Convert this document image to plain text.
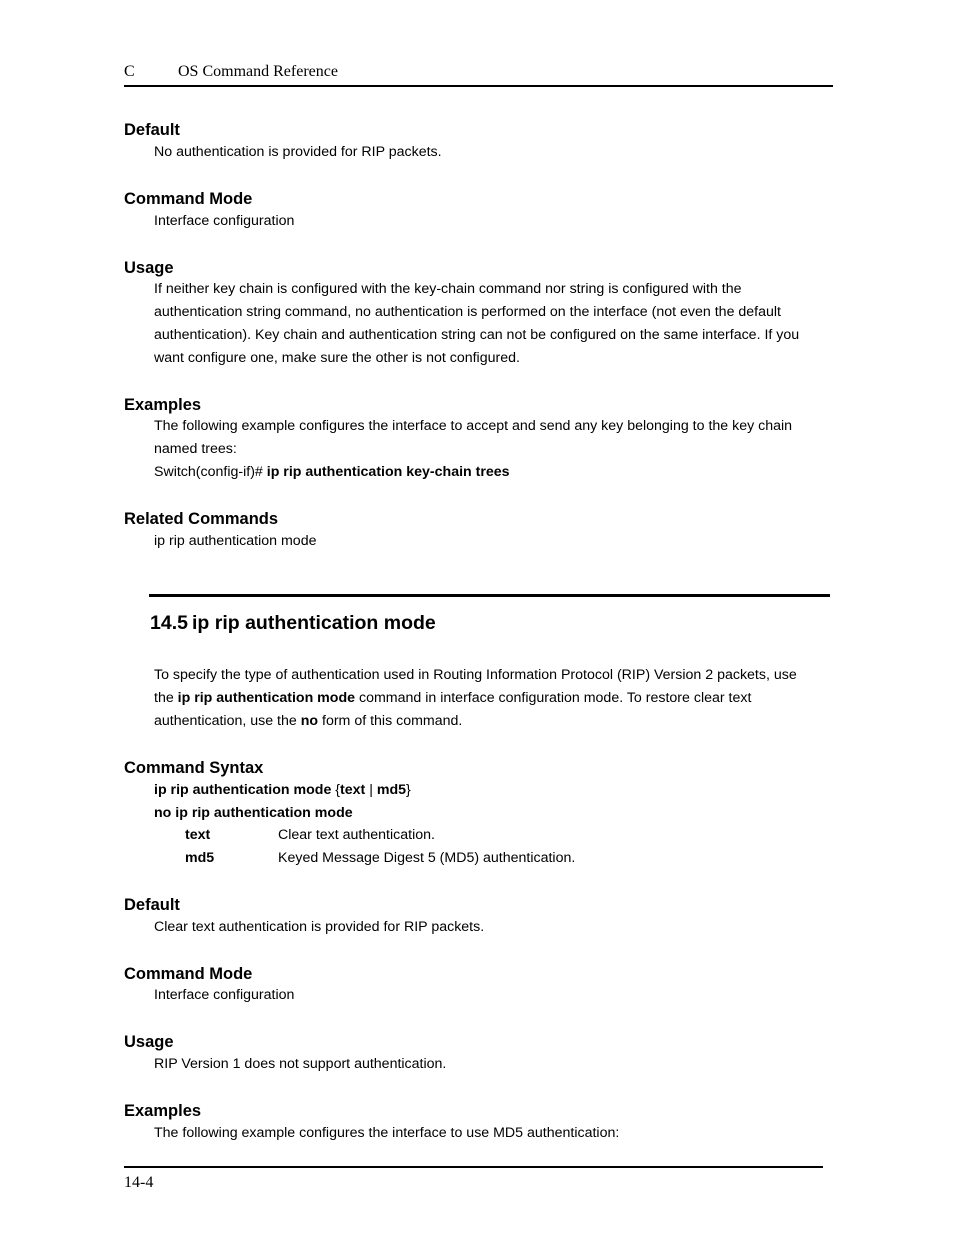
C	OS Command Reference
Default
No authentication is provided for RIP packets.
Command Mode
Interface configuration
Usage
If neither key chain is configured with the key-chain command nor string is configured with the
authentication string command, no authentication is performed on the interface (not even the default
authentication). Key chain and authentication string can not be configured on the same interface. If you
want configure one, make sure the other is not configured.
Examples
The following example configures the interface to accept and send any key belonging to the key chain
named trees:
Switch(config-if)# ip rip authentication key-chain trees
Related Commands
ip rip authentication mode
14.5 ip rip authentication mode
To specify the type of authentication used in Routing Information Protocol (RIP) Version 2 packets, use
the ip rip authentication mode command in interface configuration mode. To restore clear text
authentication, use the no form of this command.
Command Syntax
ip rip authentication mode {text | md5}
no ip rip authentication mode
text	Clear text authentication.
md5	Keyed Message Digest 5 (MD5) authentication.
Default
Clear text authentication is provided for RIP packets.
Command Mode
Interface configuration
Usage
RIP Version 1 does not support authentication.
Examples
The following example configures the interface to use MD5 authentication:
14-4
